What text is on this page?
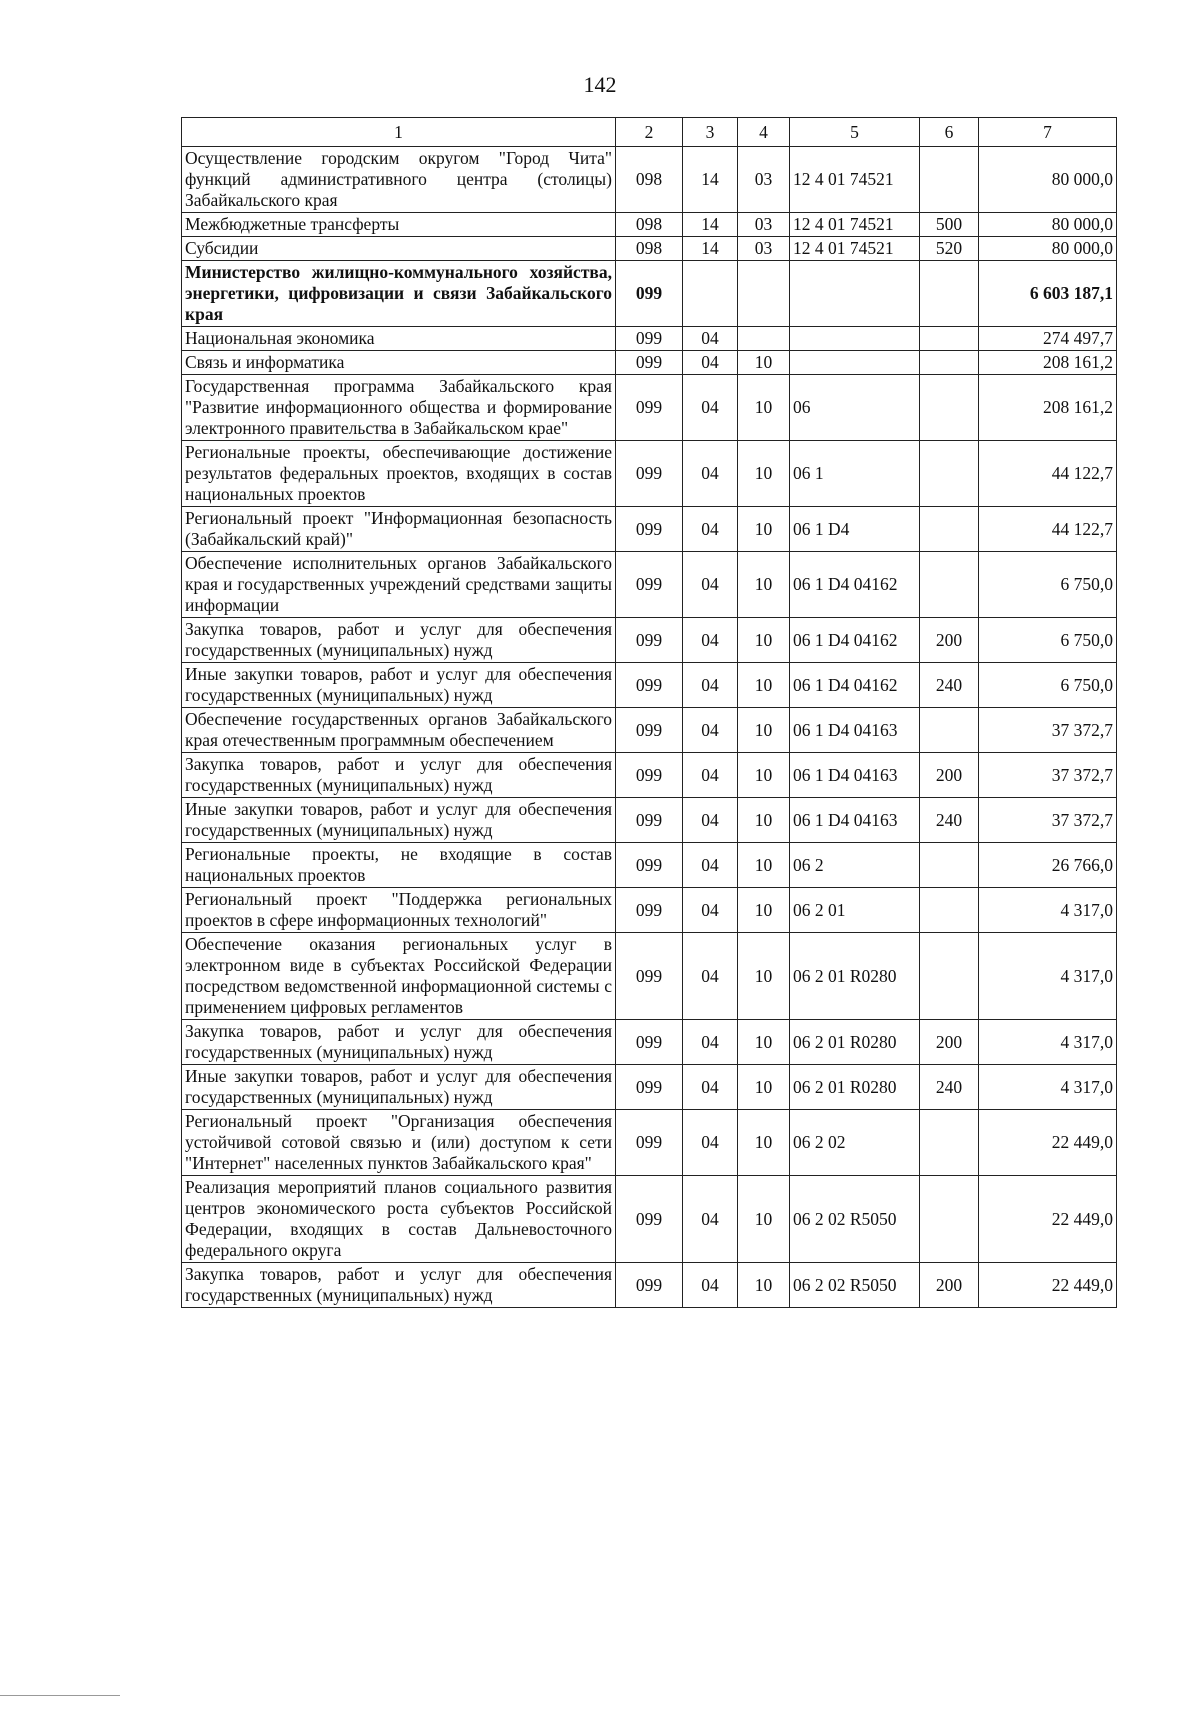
142
1	2	3	4	5	6	7
Осуществление городским округом "Город Чита" функций административного центра (столицы) Забайкальского края	098	14	03	12 4 01 74521		80 000,0
Межбюджетные трансферты	098	14	03	12 4 01 74521	500	80 000,0
Субсидии	098	14	03	12 4 01 74521	520	80 000,0
Министерство жилищно-коммунального хозяйства, энергетики, цифровизации и связи Забайкальского края	099					6 603 187,1
Национальная экономика	099	04				274 497,7
Связь и информатика	099	04	10			208 161,2
Государственная программа Забайкальского края "Развитие информационного общества и формирование электронного правительства в Забайкальском крае"	099	04	10	06		208 161,2
Региональные проекты, обеспечивающие достижение результатов федеральных проектов, входящих в состав национальных проектов	099	04	10	06 1		44 122,7
Региональный проект "Информационная безопасность (Забайкальский край)"	099	04	10	06 1 D4		44 122,7
Обеспечение исполнительных органов Забайкальского края и государственных учреждений средствами защиты информации	099	04	10	06 1 D4 04162		6 750,0
Закупка товаров, работ и услуг для обеспечения государственных (муниципальных) нужд	099	04	10	06 1 D4 04162	200	6 750,0
Иные закупки товаров, работ и услуг для обеспечения государственных (муниципальных) нужд	099	04	10	06 1 D4 04162	240	6 750,0
Обеспечение государственных органов Забайкальского края отечественным программным обеспечением	099	04	10	06 1 D4 04163		37 372,7
Закупка товаров, работ и услуг для обеспечения государственных (муниципальных) нужд	099	04	10	06 1 D4 04163	200	37 372,7
Иные закупки товаров, работ и услуг для обеспечения государственных (муниципальных) нужд	099	04	10	06 1 D4 04163	240	37 372,7
Региональные проекты, не входящие в состав национальных проектов	099	04	10	06 2		26 766,0
Региональный проект "Поддержка региональных проектов в сфере информационных технологий"	099	04	10	06 2 01		4 317,0
Обеспечение оказания региональных услуг в электронном виде в субъектах Российской Федерации посредством ведомственной информационной системы с применением цифровых регламентов	099	04	10	06 2 01 R0280		4 317,0
Закупка товаров, работ и услуг для обеспечения государственных (муниципальных) нужд	099	04	10	06 2 01 R0280	200	4 317,0
Иные закупки товаров, работ и услуг для обеспечения государственных (муниципальных) нужд	099	04	10	06 2 01 R0280	240	4 317,0
Региональный проект "Организация обеспечения устойчивой сотовой связью и (или) доступом к сети "Интернет" населенных пунктов Забайкальского края"	099	04	10	06 2 02		22 449,0
Реализация мероприятий планов социального развития центров экономического роста субъектов Российской Федерации, входящих в состав Дальневосточного федерального округа	099	04	10	06 2 02 R5050		22 449,0
Закупка товаров, работ и услуг для обеспечения государственных (муниципальных) нужд	099	04	10	06 2 02 R5050	200	22 449,0
